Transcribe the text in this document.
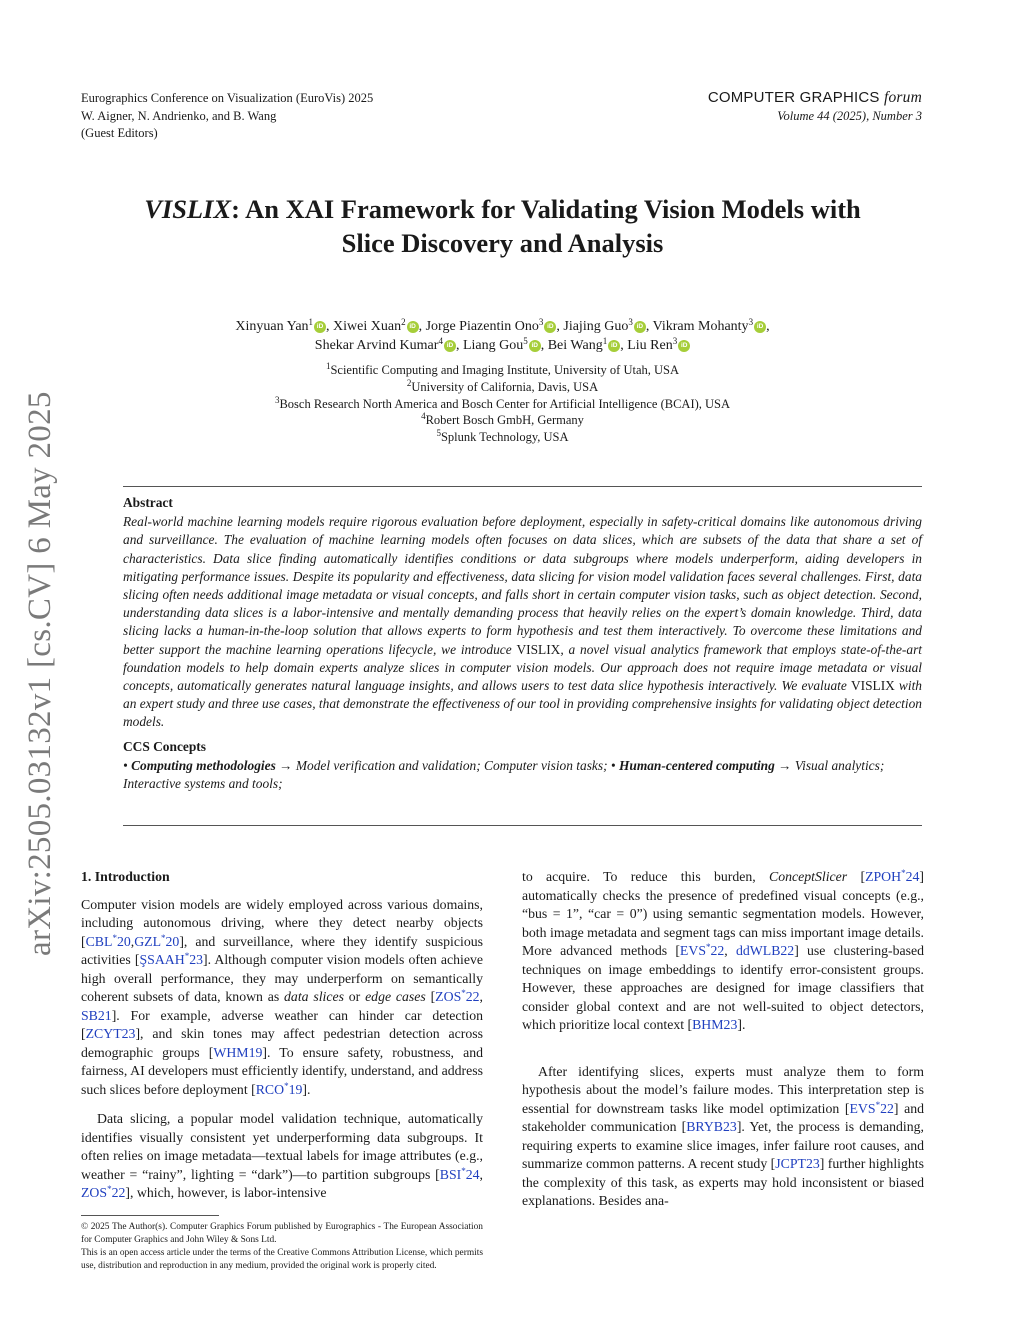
Eurographics Conference on Visualization (EuroVis) 2025
W. Aigner, N. Andrienko, and B. Wang
(Guest Editors)
COMPUTER GRAPHICS forum
Volume 44 (2025), Number 3
arXiv:2505.03132v1 [cs.CV] 6 May 2025
VISLIX: An XAI Framework for Validating Vision Models with
Slice Discovery and Analysis
Xinyuan Yan$^1$ iD , Xiwei Xuan$^2$ iD , Jorge Piazentin Ono$^3$ iD , Jiajing Guo$^3$ iD , Vikram Mohanty$^3$ iD ,
Shekar Arvind Kumar$^4$ iD , Liang Gou$^5$ iD , Bei Wang$^1$ iD , Liu Ren$^3$ iD
$^1$Scientific Computing and Imaging Institute, University of Utah, USA
$^2$University of California, Davis, USA
$^3$Bosch Research North America and Bosch Center for Artificial Intelligence (BCAI), USA
$^4$Robert Bosch GmbH, Germany
$^5$Splunk Technology, USA
Abstract

Real-world machine learning models require rigorous evaluation before deployment, especially in safety-critical domains like autonomous driving and surveillance. The evaluation of machine learning models often focuses on data slices, which are subsets of the data that share a set of characteristics. Data slice finding automatically identifies conditions or data subgroups where models underperform, aiding developers in mitigating performance issues. Despite its popularity and effectiveness, data slicing for vision model validation faces several challenges. First, data slicing often needs additional image metadata or visual concepts, and falls short in certain computer vision tasks, such as object detection. Second, understanding data slices is a labor-intensive and mentally demanding process that heavily relies on the expert’s domain knowledge. Third, data slicing lacks a human-in-the-loop solution that allows experts to form hypothesis and test them interactively. To overcome these limitations and better support the machine learning operations lifecycle, we introduce VISLIX, a novel visual analytics framework that employs state-of-the-art foundation models to help domain experts analyze slices in computer vision models. Our approach does not require image metadata or visual concepts, automatically generates natural language insights, and allows users to test data slice hypothesis interactively. We evaluate VISLIX with an expert study and three use cases, that demonstrate the effectiveness of our tool in providing comprehensive insights for validating object detection models.

CCS Concepts

• Computing methodologies → Model verification and validation; Computer vision tasks; • Human-centered computing → Visual analytics; Interactive systems and tools;

1. Introduction

Computer vision models are widely employed across various domains, including autonomous driving, where they detect nearby objects [CBL*20,GZL*20], and surveillance, where they identify suspicious activities [ŞSAAH*23]. Although computer vision models often achieve high overall performance, they may underperform on semantically coherent subsets of data, known as data slices or edge cases [ZOS*22, SB21]. For example, adverse weather can hinder car detection [ZCYT23], and skin tones may affect pedestrian detection across demographic groups [WHM19]. To ensure safety, robustness, and fairness, AI developers must efficiently identify, understand, and address such slices before deployment [RCO*19].

Data slicing, a popular model validation technique, automatically identifies visually consistent yet underperforming data subgroups. It often relies on image metadata—textual labels for image attributes (e.g., weather = “rainy”, lighting = “dark”)—to partition subgroups [BSI*24, ZOS*22], which, however, is labor-intensive

to acquire. To reduce this burden, ConceptSlicer [ZPOH*24] automatically checks the presence of predefined visual concepts (e.g., “bus = 1”, “car = 0”) using semantic segmentation models. However, both image metadata and segment tags can miss important image details. More advanced methods [EVS*22, ddWLB22] use clustering-based techniques on image embeddings to identify error-consistent groups. However, these approaches are designed for image classifiers that consider global context and are not well-suited to object detectors, which prioritize local context [BHM23].

After identifying slices, experts must analyze them to form hypothesis about the model’s failure modes. This interpretation step is essential for downstream tasks like model optimization [EVS*22] and stakeholder communication [BRYB23]. Yet, the process is demanding, requiring experts to examine slice images, infer failure root causes, and summarize common patterns. A recent study [JCPT23] further highlights the complexity of this task, as experts may hold inconsistent or biased explanations. Besides ana-

© 2025 The Author(s). Computer Graphics Forum published by Eurographics - The European Association for Computer Graphics and John Wiley & Sons Ltd.

This is an open access article under the terms of the Creative Commons Attribution License, which permits use, distribution and reproduction in any medium, provided the original work is properly cited.
